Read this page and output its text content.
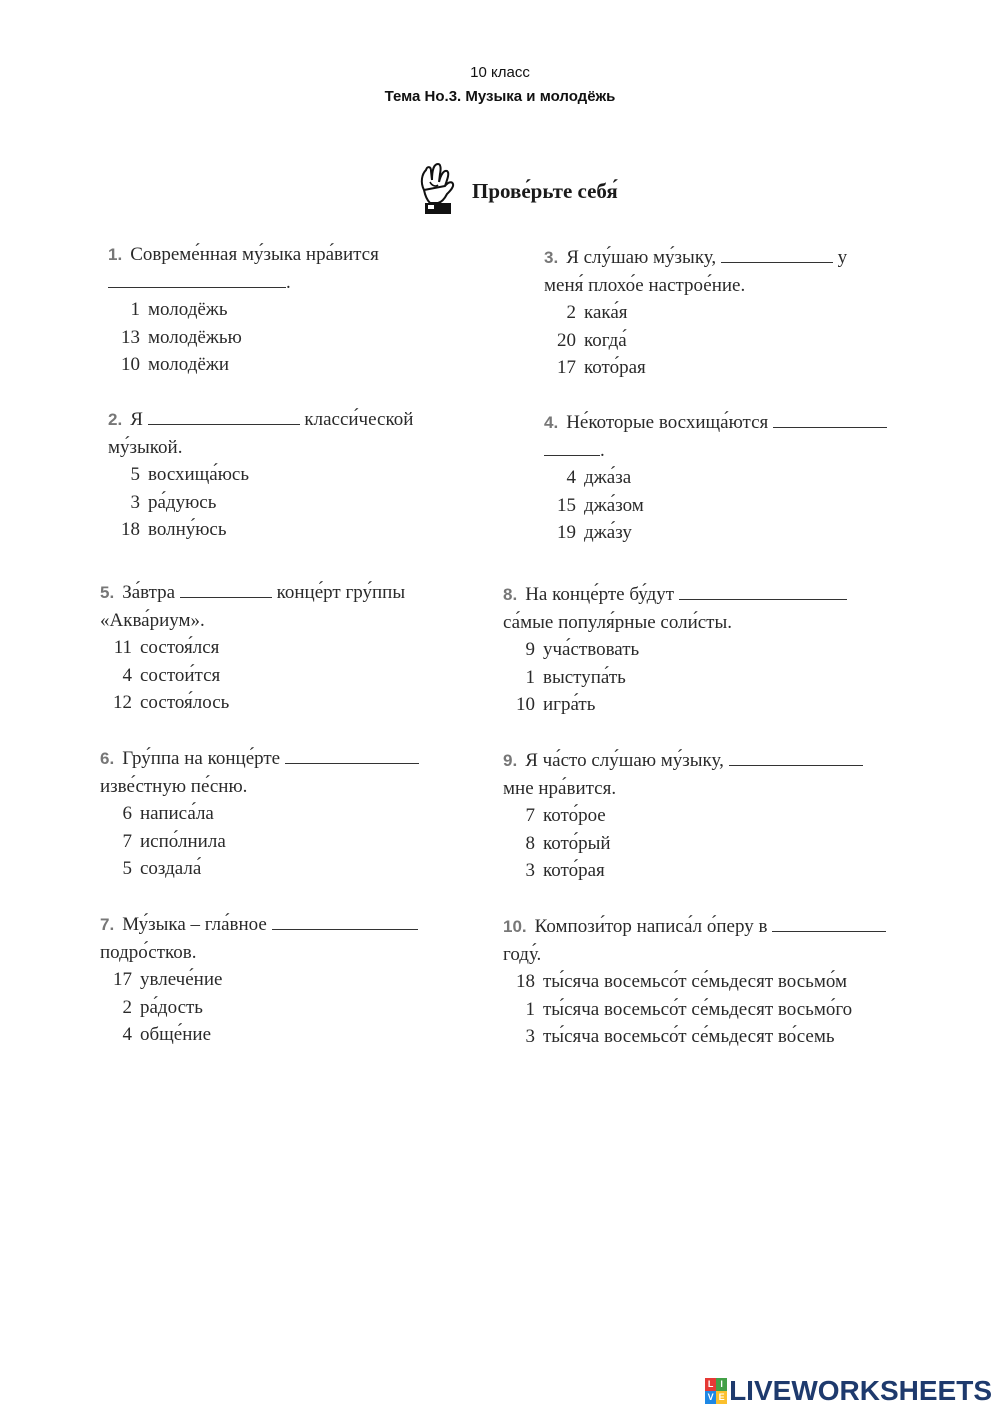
10 класс
Тема Но.3. Музыка и молодёжь
Прове́рьте себя́
1. Совреме́нная му́зыка нра́вится
.
1 молодёжь
13 молодёжью
10 молодёжи
2. Я	класси́ческой
му́зыкой.
5 восхища́юсь
3 ра́дуюсь
18 волну́юсь
3. Я слу́шаю му́зыку,	у
меня́ плохо́е настрое́ние.
2 кака́я
20 когда́
17 кото́рая
4. Не́которые восхища́ются
.
4 джа́за
15 джа́зом
19 джа́зу
5. За́втра	конце́рт гру́ппы
«Аква́риум».
11 состоя́лся
4 состои́тся
12 состоя́лось
6. Гру́ппа на конце́рте
изве́стную пе́сню.
6 написа́ла
7 испо́лнила
5 создала́
7. Му́зыка – гла́вное
подро́стков.
17 увлече́ние
2 ра́дость
4 обще́ние
8. На конце́рте бу́дут
са́мые популя́рные соли́сты.
9 уча́ствовать
1 выступа́ть
10 игра́ть
9. Я ча́сто слу́шаю му́зыку,
мне нра́вится.
7 кото́рое
8 кото́рый
3 кото́рая
10. Компози́тор написа́л о́перу в
году́.
18 ты́сяча восемьсо́т се́мьдесят восьмо́м
1 ты́сяча восемьсо́т се́мьдесят восьмо́го
3 ты́сяча восемьсо́т се́мьдесят во́семь
L I
V E LIVEWORKSHEETS
